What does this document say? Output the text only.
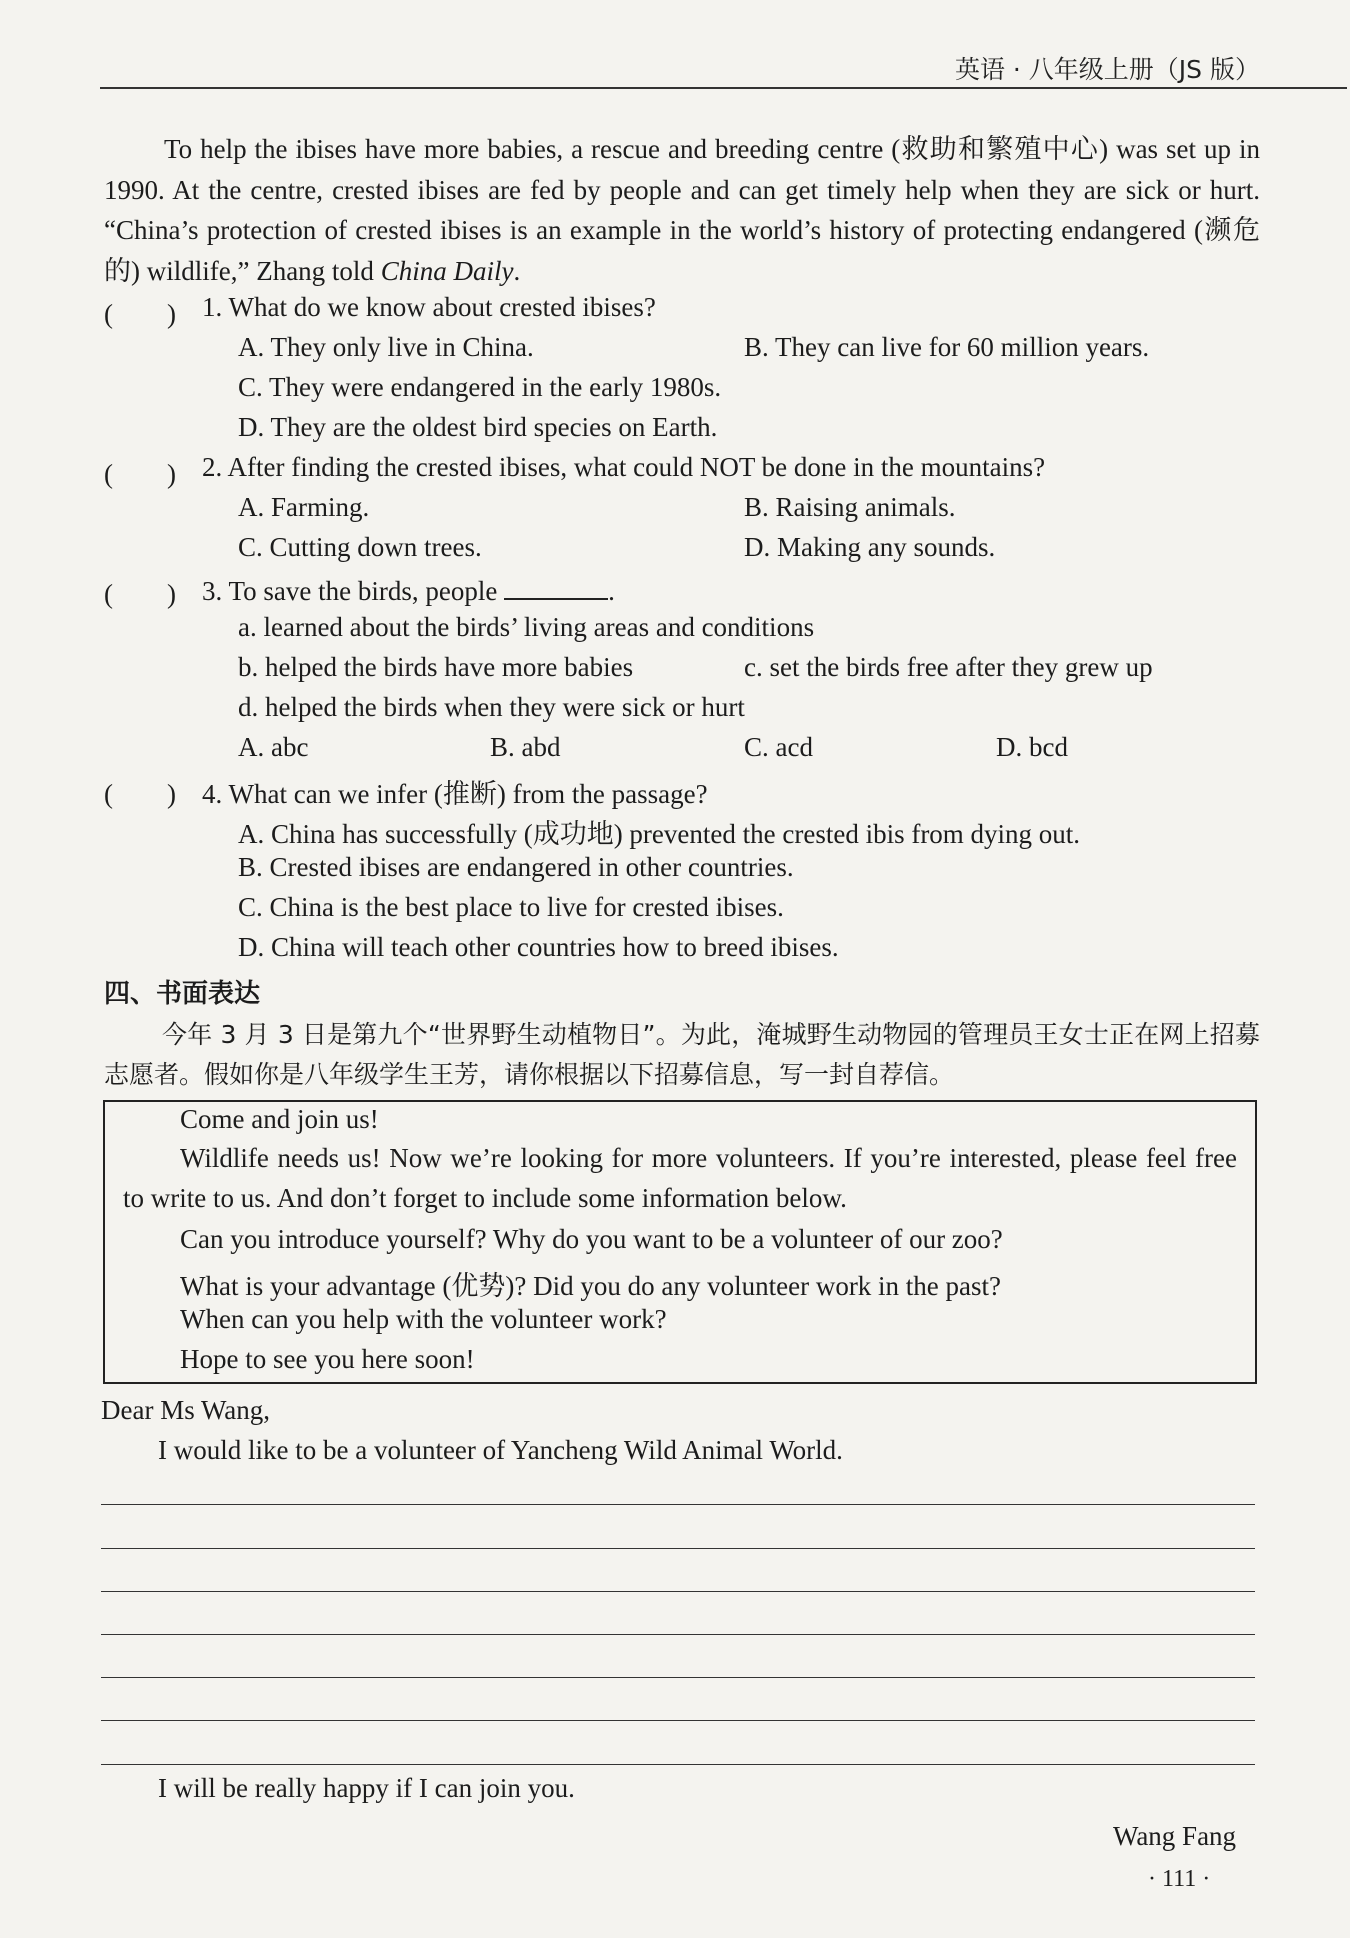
英语 · 八年级上册（JS 版）
To help the ibises have more babies, a rescue and breeding centre (救助和繁殖中心) was set up in 1990. At the centre, crested ibises are fed by people and can get timely help when they are sick or hurt. “China’s protection of crested ibises is an example in the world’s history of protecting endangered (濒危的) wildlife,” Zhang told China Daily.
(　　) 1. What do we know about crested ibises?
A. They only live in China.	B. They can live for 60 million years.
C. They were endangered in the early 1980s.
D. They are the oldest bird species on Earth.
(　　) 2. After finding the crested ibises, what could NOT be done in the mountains?
A. Farming.	B. Raising animals.
C. Cutting down trees.	D. Making any sounds.
(　　) 3. To save the birds, people	.
a. learned about the birds’ living areas and conditions
b. helped the birds have more babies	c. set the birds free after they grew up
d. helped the birds when they were sick or hurt
A. abc	B. abd	C. acd	D. bcd
(　　) 4. What can we infer (推断) from the passage?
A. China has successfully (成功地) prevented the crested ibis from dying out.
B. Crested ibises are endangered in other countries.
C. China is the best place to live for crested ibises.
D. China will teach other countries how to breed ibises.
四、书面表达
今年 3 月 3 日是第九个“世界野生动植物日”。为此，淹城野生动物园的管理员王女士正在网上招募志愿者。假如你是八年级学生王芳，请你根据以下招募信息，写一封自荐信。
Come and join us!
Wildlife needs us! Now we’re looking for more volunteers. If you’re interested, please feel free to write to us. And don’t forget to include some information below.
Can you introduce yourself? Why do you want to be a volunteer of our zoo?
What is your advantage (优势)? Did you do any volunteer work in the past?
When can you help with the volunteer work?
Hope to see you here soon!
Dear Ms Wang,
I would like to be a volunteer of Yancheng Wild Animal World.
I will be really happy if I can join you.
Wang Fang
· 111 ·
